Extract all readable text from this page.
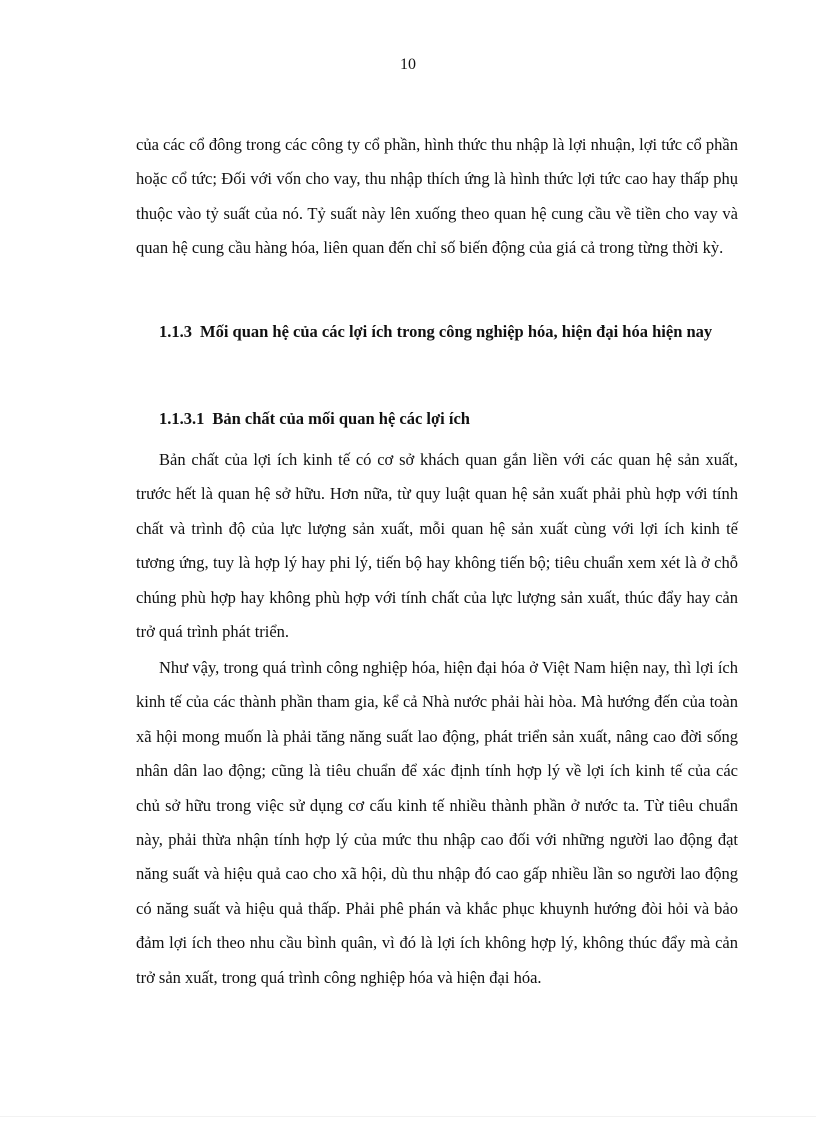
10

của các cổ đông trong các công ty cổ phần, hình thức thu nhập là lợi nhuận, lợi tức cổ phần hoặc cổ tức; Đối với vốn cho vay, thu nhập thích ứng là hình thức lợi tức cao hay thấp phụ thuộc vào tỷ suất của nó. Tỷ suất này lên xuống theo quan hệ cung cầu về tiền cho vay và quan hệ cung cầu hàng hóa, liên quan đến chỉ số biến động của giá cả trong từng thời kỳ.

1.1.3 Mối quan hệ của các lợi ích trong công nghiệp hóa, hiện đại hóa hiện nay
1.1.3.1 Bản chất của mối quan hệ các lợi ích

Bản chất của lợi ích kinh tế có cơ sở khách quan gắn liền với các quan hệ sản xuất, trước hết là quan hệ sở hữu. Hơn nữa, từ quy luật quan hệ sản xuất phải phù hợp với tính chất và trình độ của lực lượng sản xuất, mỗi quan hệ sản xuất cùng với lợi ích kinh tế tương ứng, tuy là hợp lý hay phi lý, tiến bộ hay không tiến bộ; tiêu chuẩn xem xét là ở chỗ chúng phù hợp hay không phù hợp với tính chất của lực lượng sản xuất, thúc đẩy hay cản trở quá trình phát triển.

Như vậy, trong quá trình công nghiệp hóa, hiện đại hóa ở Việt Nam hiện nay, thì lợi ích kinh tế của các thành phần tham gia, kể cả Nhà nước phải hài hòa. Mà hướng đến của toàn xã hội mong muốn là phải tăng năng suất lao động, phát triển sản xuất, nâng cao đời sống nhân dân lao động; cũng là tiêu chuẩn để xác định tính hợp lý về lợi ích kinh tế của các chủ sở hữu trong việc sử dụng cơ cấu kinh tế nhiều thành phần ở nước ta. Từ tiêu chuẩn này, phải thừa nhận tính hợp lý của mức thu nhập cao đối với những người lao động đạt năng suất và hiệu quả cao cho xã hội, dù thu nhập đó cao gấp nhiều lần so người lao động có năng suất và hiệu quả thấp. Phải phê phán và khắc phục khuynh hướng đòi hỏi và bảo đảm lợi ích theo nhu cầu bình quân, vì đó là lợi ích không hợp lý, không thúc đẩy mà cản trở sản xuất, trong quá trình công nghiệp hóa và hiện đại hóa.
